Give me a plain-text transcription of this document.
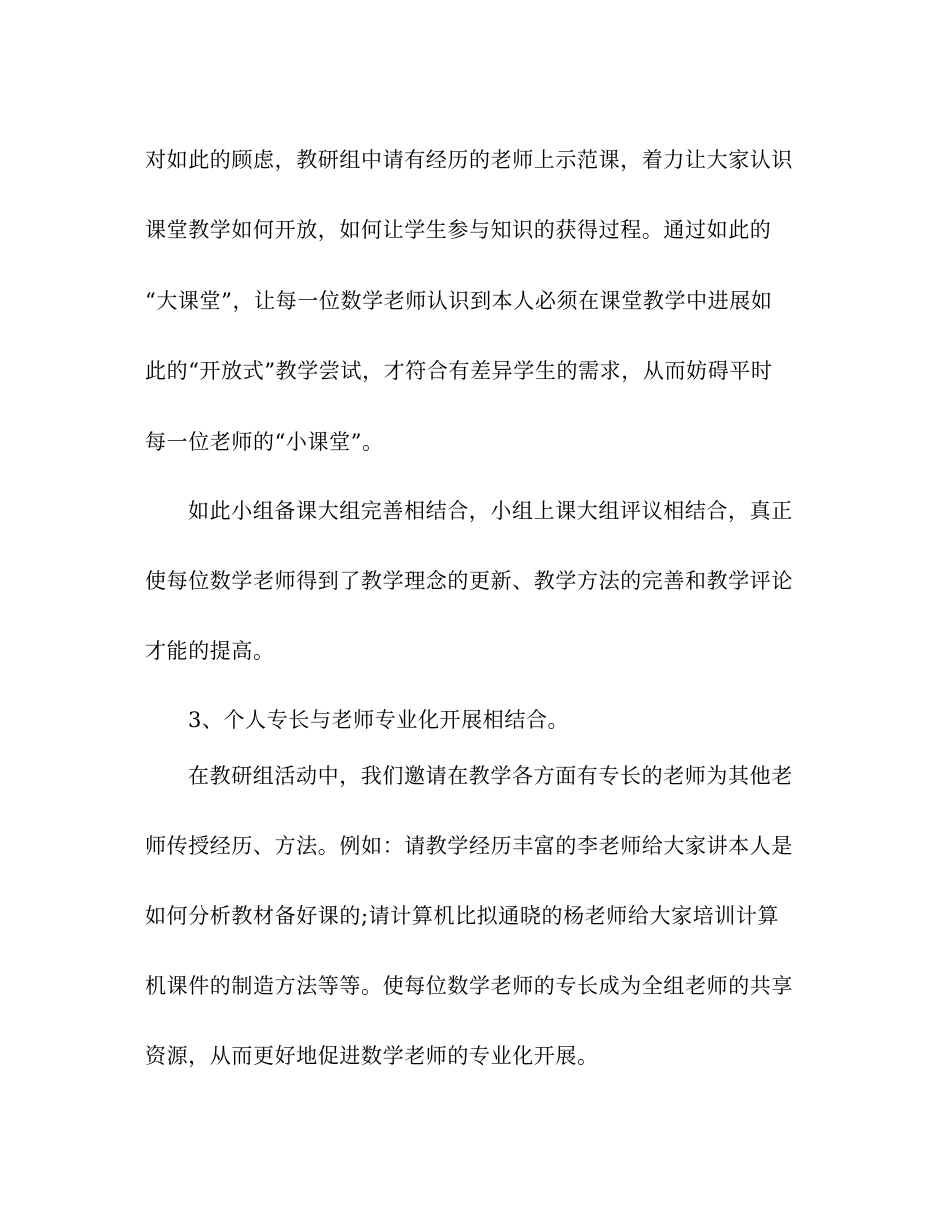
对如此的顾虑，教研组中请有经历的老师上示范课，着力让大家认识
课堂教学如何开放，如何让学生参与知识的获得过程。通过如此的
“大课堂”，让每一位数学老师认识到本人必须在课堂教学中进展如
此的“开放式”教学尝试，才符合有差异学生的需求，从而妨碍平时
每一位老师的“小课堂”。
如此小组备课大组完善相结合，小组上课大组评议相结合，真正
使每位数学老师得到了教学理念的更新、教学方法的完善和教学评论
才能的提高。
3、个人专长与老师专业化开展相结合。
在教研组活动中，我们邀请在教学各方面有专长的老师为其他老
师传授经历、方法。例如：请教学经历丰富的李老师给大家讲本人是
如何分析教材备好课的;请计算机比拟通晓的杨老师给大家培训计算
机课件的制造方法等等。使每位数学老师的专长成为全组老师的共享
资源，从而更好地促进数学老师的专业化开展。
